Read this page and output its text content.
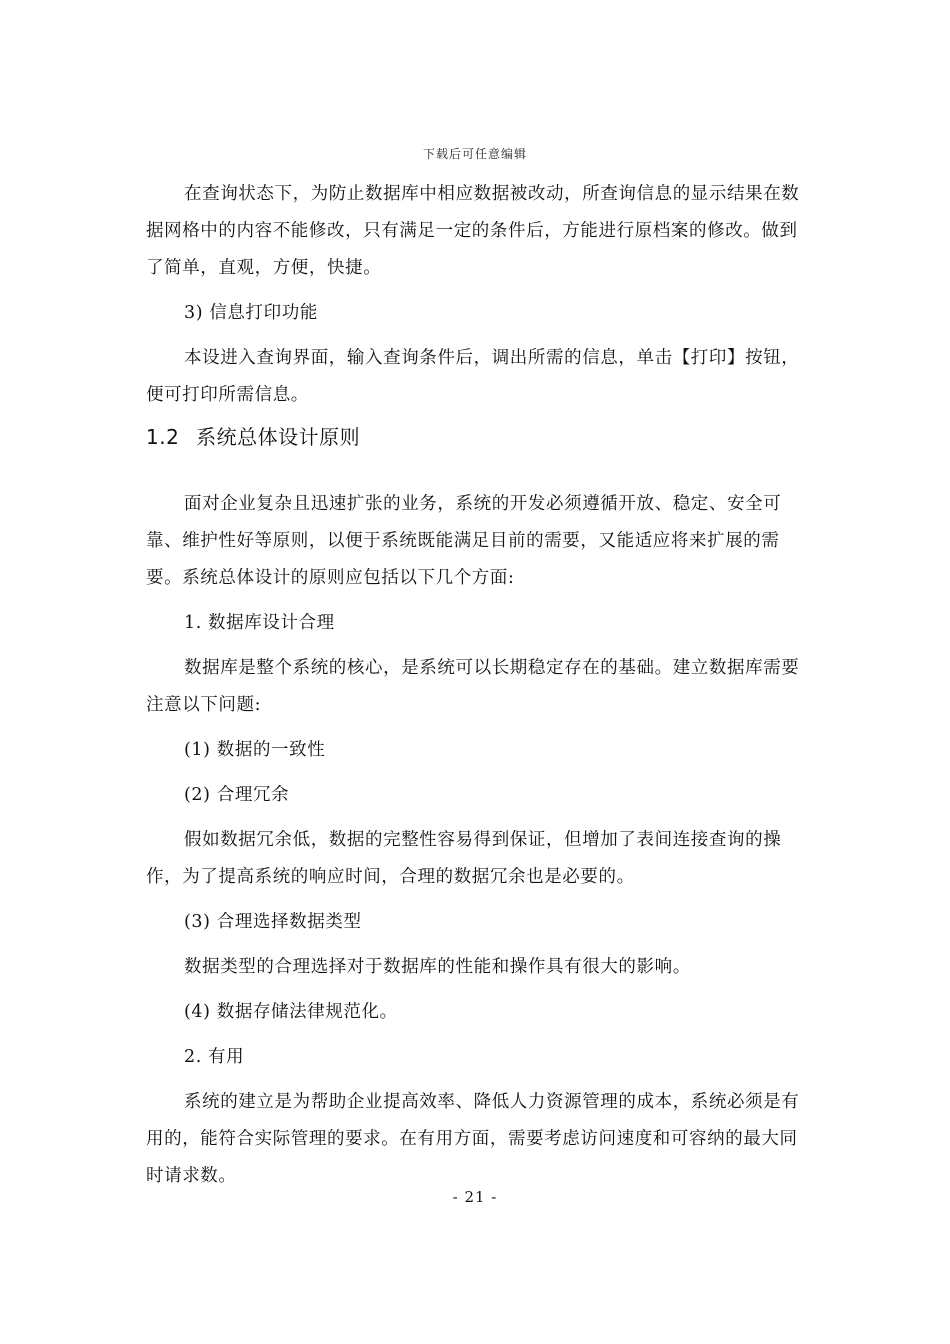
下载后可任意编辑

在查询状态下，为防止数据库中相应数据被改动，所查询信息的显示结果在数据网格中的内容不能修改，只有满足一定的条件后，方能进行原档案的修改。做到了简单，直观，方便，快捷。

3) 信息打印功能

本设进入查询界面，输入查询条件后，调出所需的信息，单击【打印】按钮，便可打印所需信息。

1.2 系统总体设计原则

面对企业复杂且迅速扩张的业务，系统的开发必须遵循开放、稳定、安全可靠、维护性好等原则，以便于系统既能满足目前的需要，又能适应将来扩展的需要。系统总体设计的原则应包括以下几个方面:

1. 数据库设计合理

数据库是整个系统的核心，是系统可以长期稳定存在的基础。建立数据库需要注意以下问题:

(1) 数据的一致性

(2) 合理冗余

假如数据冗余低，数据的完整性容易得到保证，但增加了表间连接查询的操作，为了提高系统的响应时间，合理的数据冗余也是必要的。

(3) 合理选择数据类型

数据类型的合理选择对于数据库的性能和操作具有很大的影响。

(4) 数据存储法律规范化。

2. 有用

系统的建立是为帮助企业提高效率、降低人力资源管理的成本，系统必须是有用的，能符合实际管理的要求。在有用方面，需要考虑访问速度和可容纳的最大同时请求数。

- 21 -
